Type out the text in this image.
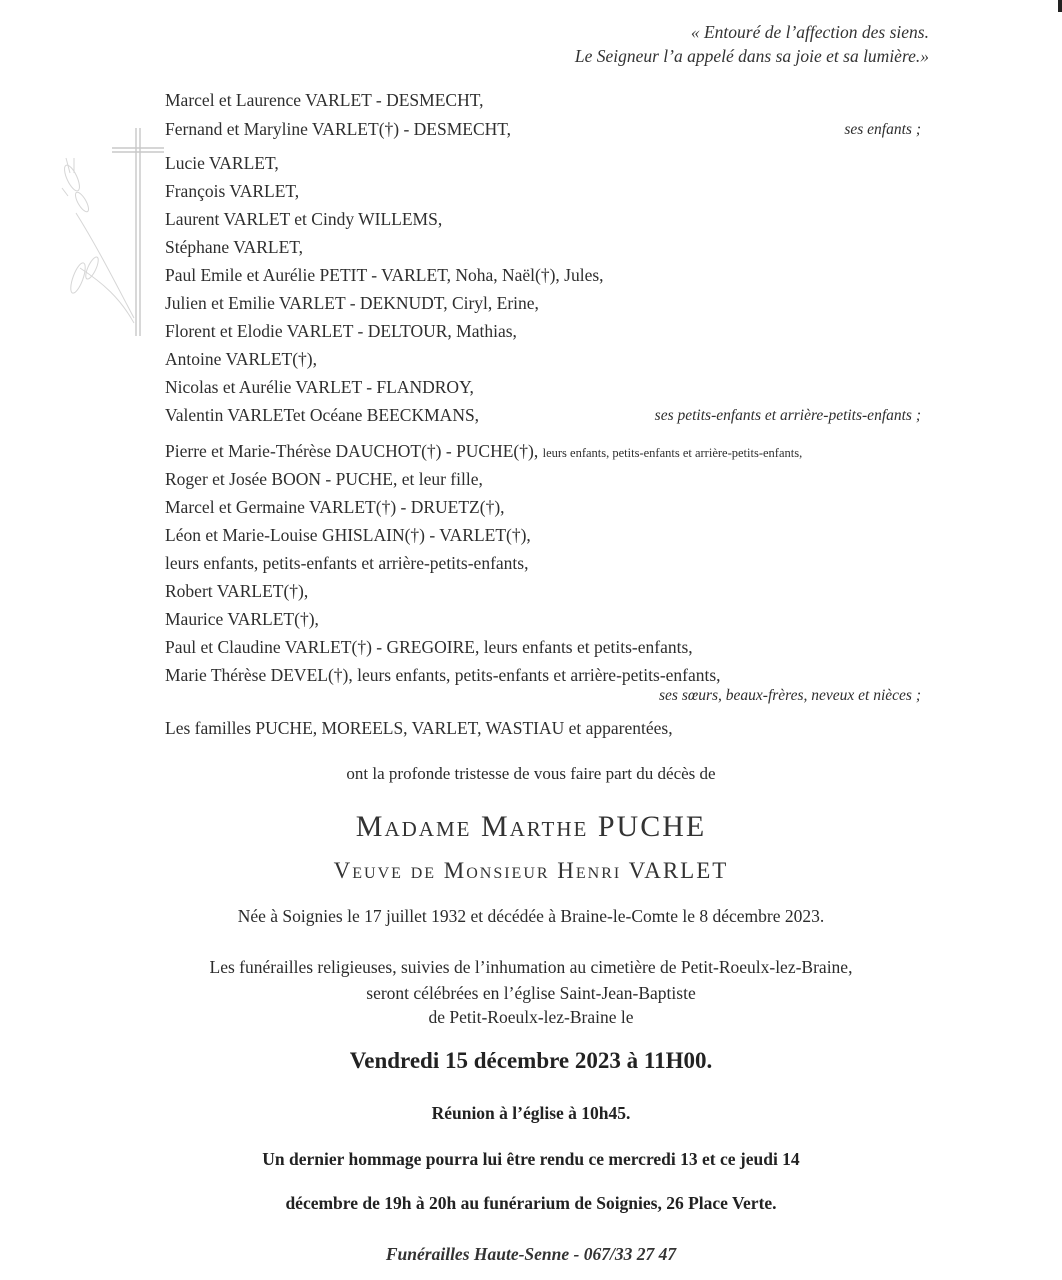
« Entouré de l’affection des siens.
Le Seigneur l’a appelé dans sa joie et sa lumière.»
Marcel et Laurence VARLET - DESMECHT,
Fernand et Maryline VARLET(†) - DESMECHT,	ses enfants ;
Lucie VARLET,
François VARLET,
Laurent VARLET et Cindy WILLEMS,
Stéphane VARLET,
Paul Emile et Aurélie PETIT - VARLET, Noha, Naël(†), Jules,
Julien et Emilie VARLET - DEKNUDT, Ciryl, Erine,
Florent et Elodie VARLET - DELTOUR, Mathias,
Antoine VARLET(†),
Nicolas et Aurélie VARLET - FLANDROY,
Valentin VARLETet Océane BEECKMANS,	ses petits-enfants et arrière-petits-enfants ;
Pierre et Marie-Thérèse DAUCHOT(†) - PUCHE(†), leurs enfants, petits-enfants et arrière-petits-enfants,
Roger et Josée BOON - PUCHE, et leur fille,
Marcel et Germaine VARLET(†) - DRUETZ(†),
Léon et Marie-Louise GHISLAIN(†) - VARLET(†),
leurs enfants, petits-enfants et arrière-petits-enfants,
Robert VARLET(†),
Maurice VARLET(†),
Paul et Claudine VARLET(†) - GREGOIRE, leurs enfants et petits-enfants,
Marie Thérèse DEVEL(†), leurs enfants, petits-enfants et arrière-petits-enfants,
ses sœurs, beaux-frères, neveux et nièces ;
Les familles PUCHE, MOREELS, VARLET, WASTIAU et apparentées,
ont la profonde tristesse de vous faire part du décès de
Madame Marthe PUCHE
Veuve de Monsieur Henri VARLET
Née à Soignies le 17 juillet 1932 et décédée à Braine-le-Comte le 8 décembre 2023.
Les funérailles religieuses, suivies de l’inhumation au cimetière de Petit-Roeulx-lez-Braine,
seront célébrées en l’église Saint-Jean-Baptiste
de Petit-Roeulx-lez-Braine le
Vendredi 15 décembre 2023 à 11H00.
Réunion à l’église à 10h45.
Un dernier hommage pourra lui être rendu ce mercredi 13 et ce jeudi 14
décembre de 19h à 20h au funérarium de Soignies, 26 Place Verte.
Funérailles Haute-Senne - 067/33 27 47
